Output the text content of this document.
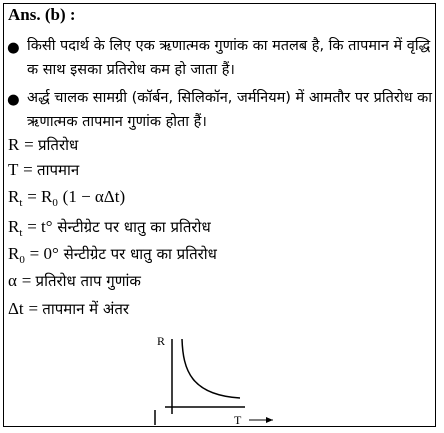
Ans. (b) :
● किसी पदार्थ के लिए एक ऋणात्मक गुणांक का मतलब है, कि तापमान में वृद्धि क साथ इसका प्रतिरोध कम हो जाता हैं।
● अर्द्ध चालक सामग्री (कॉर्बन, सिलिकॉन, जर्मनियम) में आमतौर पर प्रतिरोध का ऋणात्मक तापमान गुणांक होता हैं।
R = प्रतिरोध
T = तापमान
$R_t = R_0$ (1 − αΔt)
$R_t = t^\circ$ सेन्टीग्रेट पर धातु का प्रतिरोध
$R_0 = 0^\circ$ सेन्टीग्रेट पर धातु का प्रतिरोध
α = प्रतिरोध ताप गुणांक
Δt = तापमान में अंतर
R
T
